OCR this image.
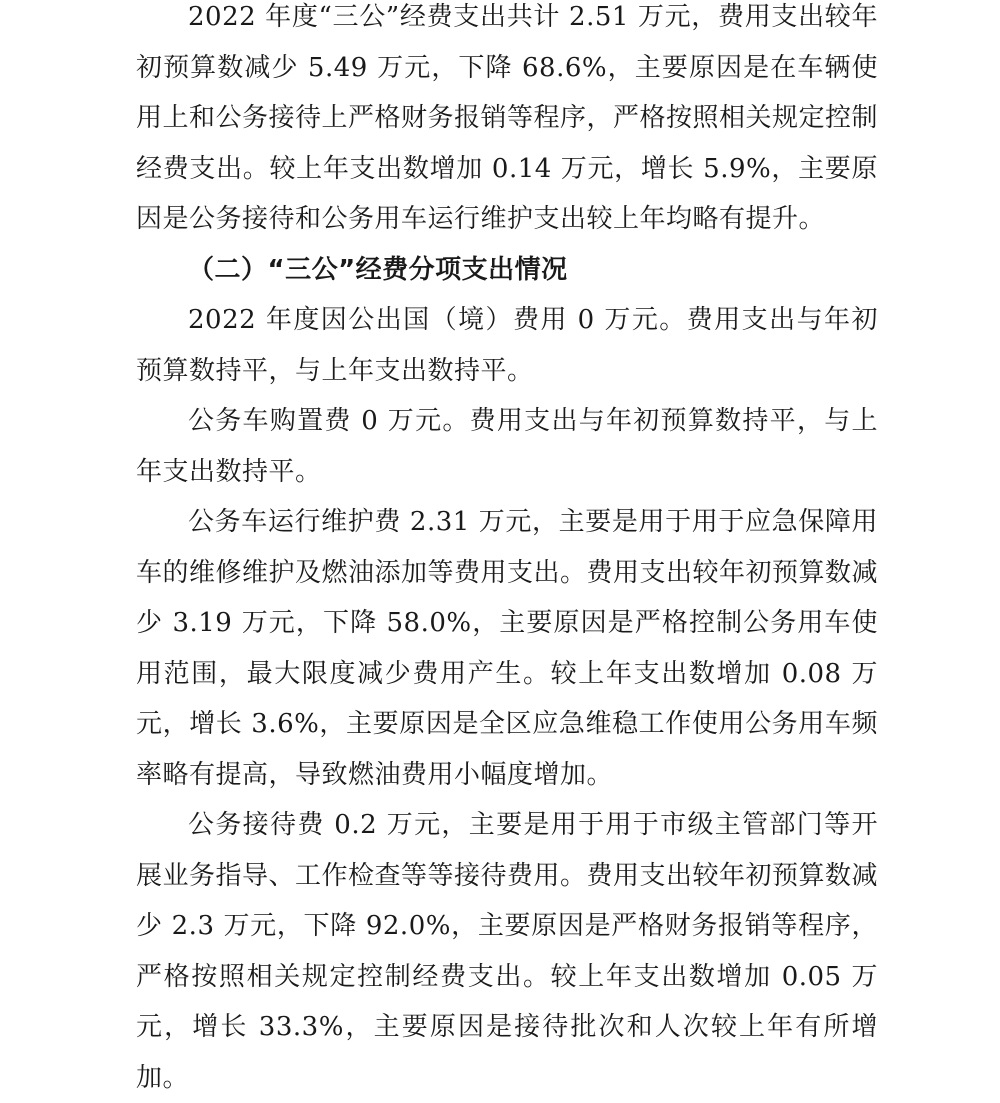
2022 年度“三公”经费支出共计 2.51 万元，费用支出较年初预算数减少 5.49 万元，下降 68.6%，主要原因是在车辆使用上和公务接待上严格财务报销等程序，严格按照相关规定控制经费支出。较上年支出数增加 0.14 万元，增长 5.9%，主要原因是公务接待和公务用车运行维护支出较上年均略有提升。

（二）“三公”经费分项支出情况

2022 年度因公出国（境）费用 0 万元。费用支出与年初预算数持平，与上年支出数持平。

公务车购置费 0 万元。费用支出与年初预算数持平，与上年支出数持平。

公务车运行维护费 2.31 万元，主要是用于用于应急保障用车的维修维护及燃油添加等费用支出。费用支出较年初预算数减少 3.19 万元，下降 58.0%，主要原因是严格控制公务用车使用范围，最大限度减少费用产生。较上年支出数增加 0.08 万元，增长 3.6%，主要原因是全区应急维稳工作使用公务用车频率略有提高，导致燃油费用小幅度增加。

公务接待费 0.2 万元，主要是用于用于市级主管部门等开展业务指导、工作检查等等接待费用。费用支出较年初预算数减少 2.3 万元，下降 92.0%，主要原因是严格财务报销等程序，严格按照相关规定控制经费支出。较上年支出数增加 0.05 万元，增长 33.3%，主要原因是接待批次和人次较上年有所增加。
